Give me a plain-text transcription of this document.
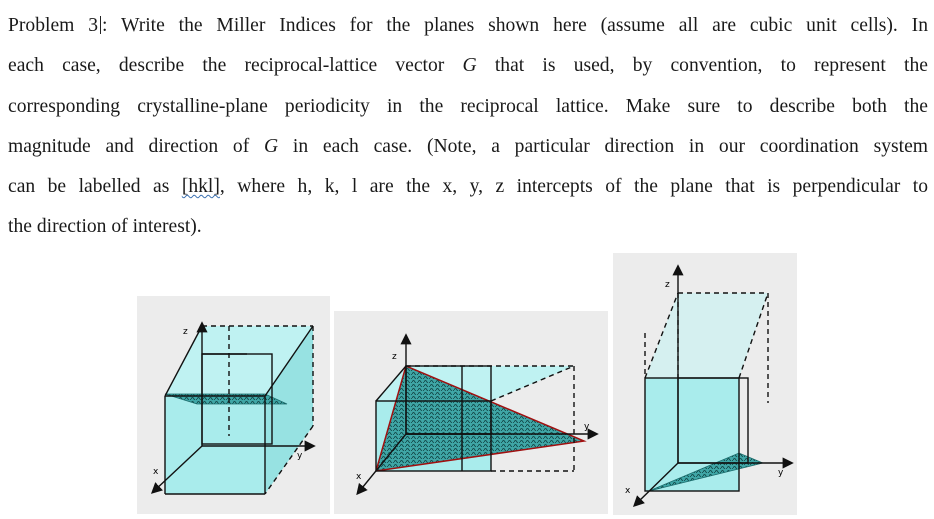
Problem 3 : Write the Miller Indices for the planes shown here (assume all are cubic unit cells). In
each case, describe the reciprocal-lattice vector G that is used, by convention, to represent the
corresponding crystalline-plane periodicity in the reciprocal lattice. Make sure to describe both the
magnitude and direction of G in each case. (Note, a particular direction in our coordination system
can be labelled as [hkl], where h, k, l are the x, y, z intercepts of the plane that is perpendicular to
the direction of interest).
z
y
x
z
y
x
z
y
x
